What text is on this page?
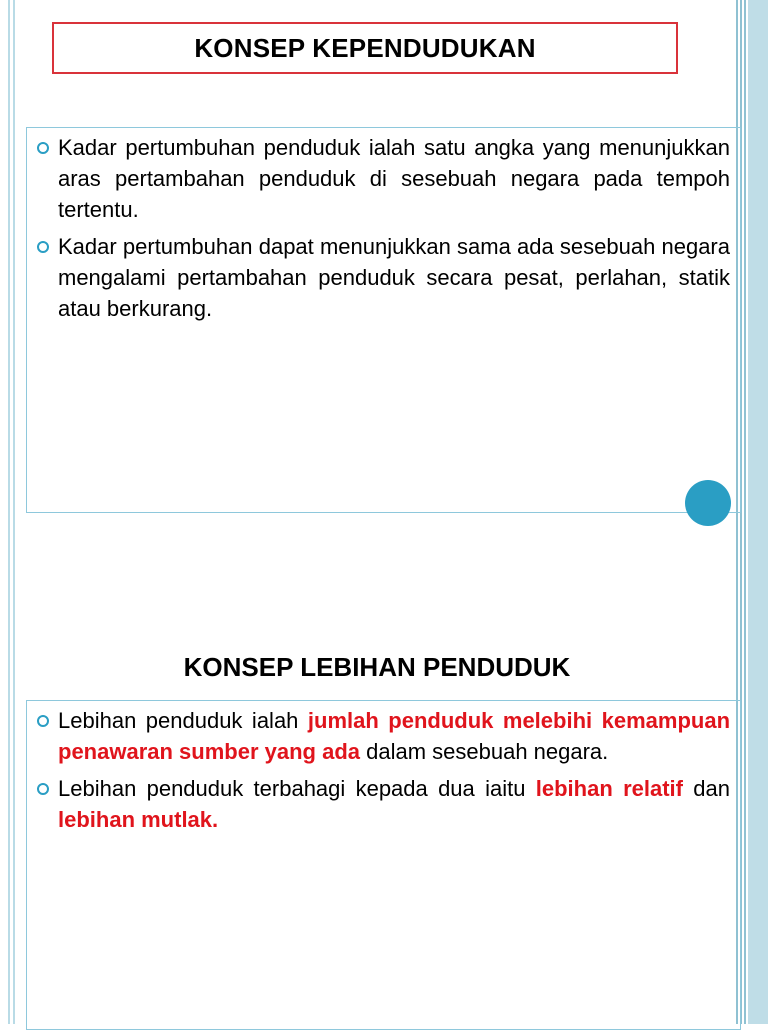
KONSEP KEPENDUDUKAN
Kadar pertumbuhan penduduk ialah satu angka yang menunjukkan aras pertambahan penduduk di sesebuah negara pada tempoh tertentu.
Kadar pertumbuhan dapat menunjukkan sama ada sesebuah negara mengalami pertambahan penduduk secara pesat, perlahan, statik atau berkurang.
KONSEP LEBIHAN PENDUDUK
Lebihan penduduk ialah jumlah penduduk melebihi kemampuan penawaran sumber yang ada dalam sesebuah negara.
Lebihan penduduk terbahagi kepada dua iaitu lebihan relatif dan lebihan mutlak.
